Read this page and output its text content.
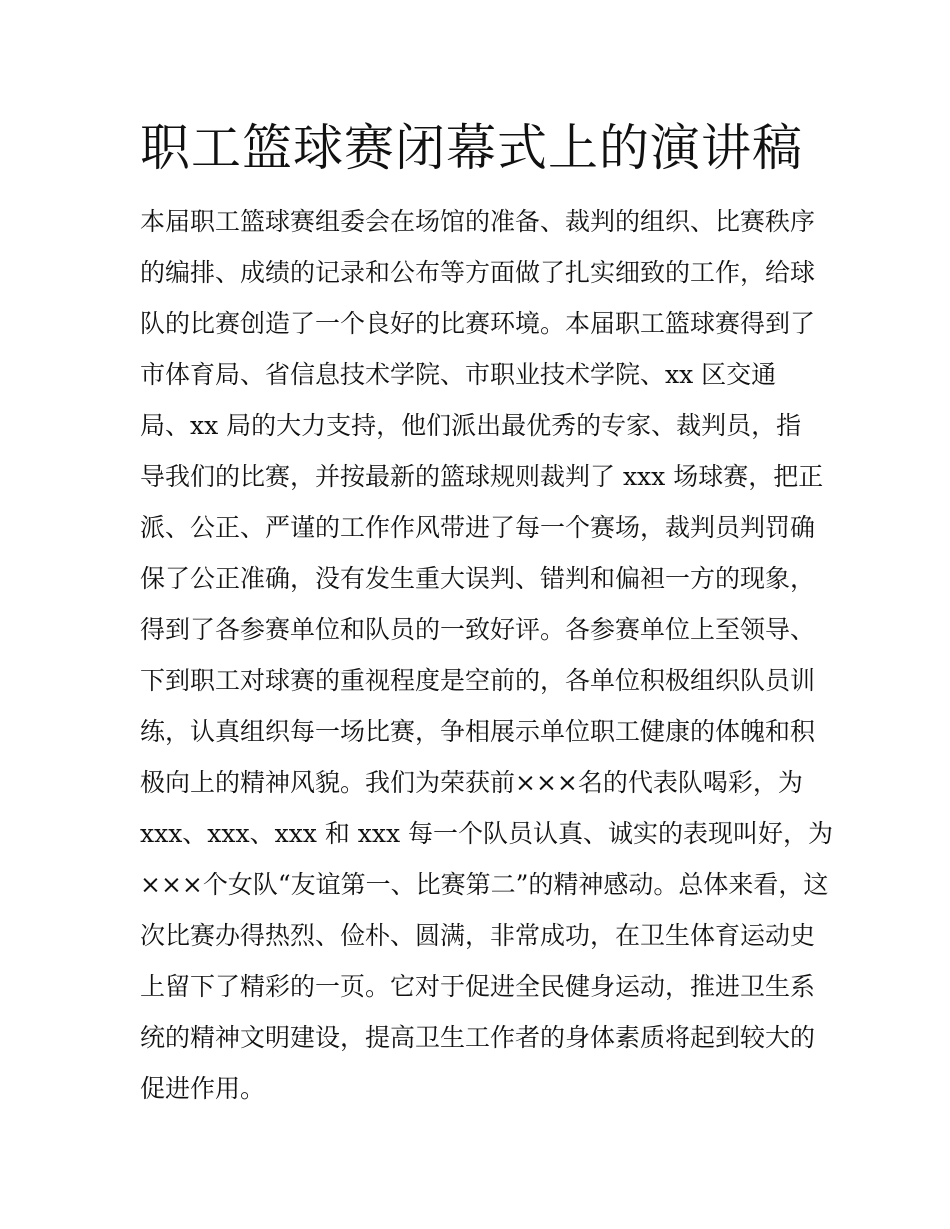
职工篮球赛闭幕式上的演讲稿
本届职工篮球赛组委会在场馆的准备、裁判的组织、比赛秩序
的编排、成绩的记录和公布等方面做了扎实细致的工作，给球
队的比赛创造了一个良好的比赛环境。本届职工篮球赛得到了
市体育局、省信息技术学院、市职业技术学院、xx 区交通
局、xx 局的大力支持，他们派出最优秀的专家、裁判员，指
导我们的比赛，并按最新的篮球规则裁判了 xxx 场球赛，把正
派、公正、严谨的工作作风带进了每一个赛场，裁判员判罚确
保了公正准确，没有发生重大误判、错判和偏袒一方的现象，
得到了各参赛单位和队员的一致好评。各参赛单位上至领导、
下到职工对球赛的重视程度是空前的，各单位积极组织队员训
练，认真组织每一场比赛，争相展示单位职工健康的体魄和积
极向上的精神风貌。我们为荣获前×××名的代表队喝彩，为
xxx、xxx、xxx 和 xxx 每一个队员认真、诚实的表现叫好，为
×××个女队“友谊第一、比赛第二”的精神感动。总体来看，这
次比赛办得热烈、俭朴、圆满，非常成功，在卫生体育运动史
上留下了精彩的一页。它对于促进全民健身运动，推进卫生系
统的精神文明建设，提高卫生工作者的身体素质将起到较大的
促进作用。
